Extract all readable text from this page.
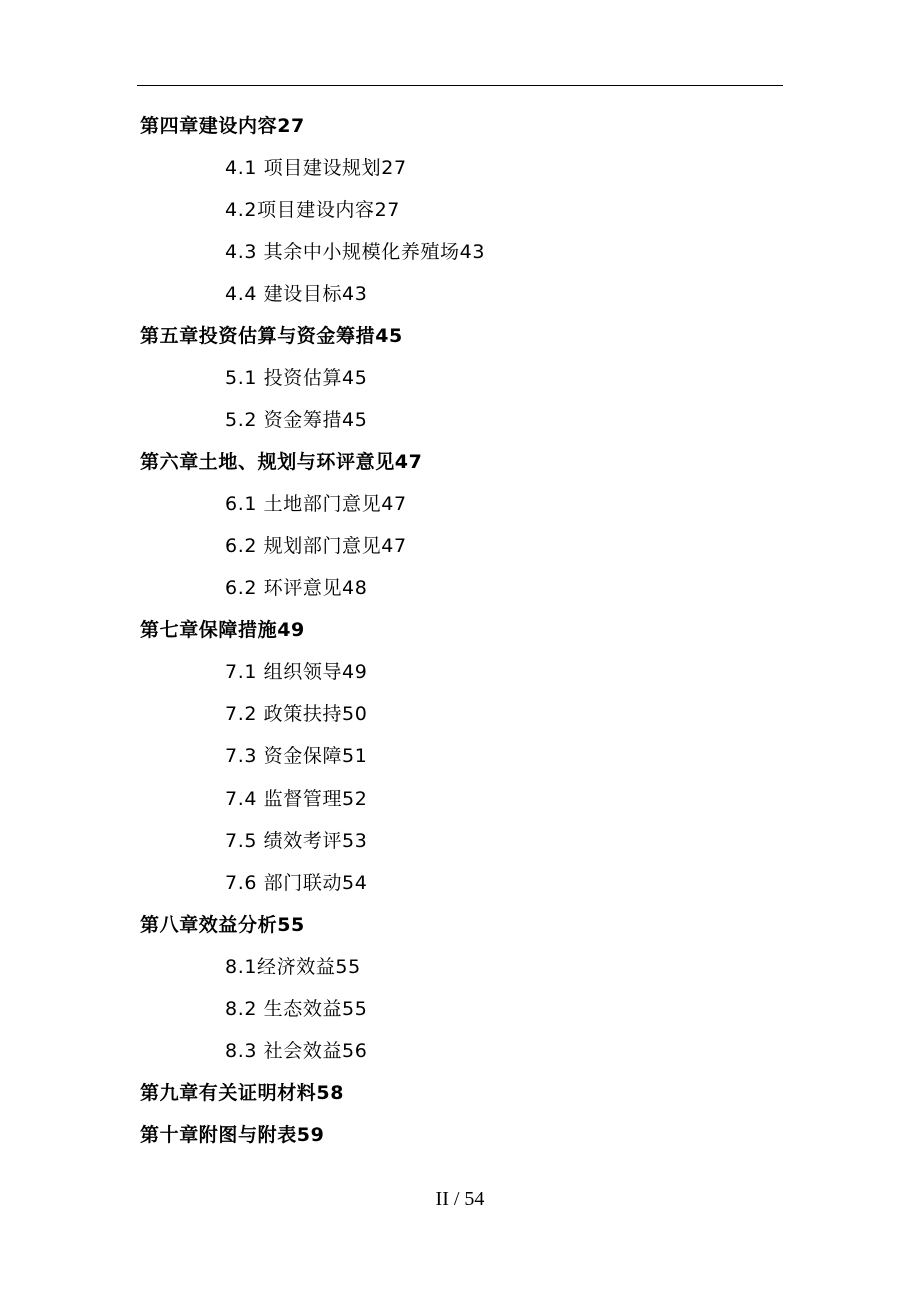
第四章建设内容27
4.1 项目建设规划27
4.2项目建设内容27
4.3 其余中小规模化养殖场43
4.4 建设目标43
第五章投资估算与资金筹措45
5.1 投资估算45
5.2 资金筹措45
第六章土地、规划与环评意见47
6.1 土地部门意见47
6.2 规划部门意见47
6.2 环评意见48
第七章保障措施49
7.1 组织领导49
7.2 政策扶持50
7.3 资金保障51
7.4 监督管理52
7.5 绩效考评53
7.6 部门联动54
第八章效益分析55
8.1经济效益55
8.2 生态效益55
8.3 社会效益56
第九章有关证明材料58
第十章附图与附表59
II / 54
